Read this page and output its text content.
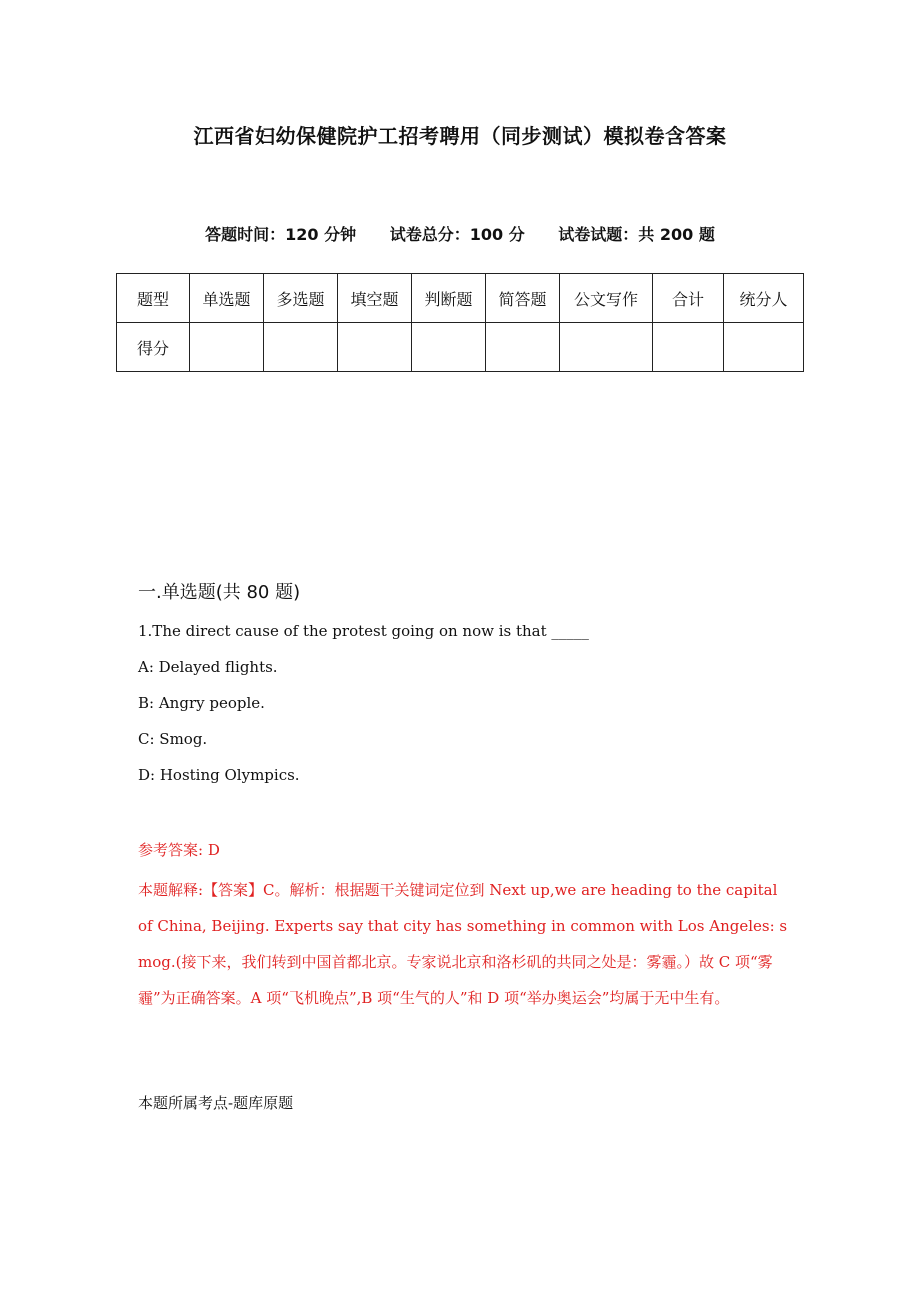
江西省妇幼保健院护工招考聘用（同步测试）模拟卷含答案
答题时间：120 分钟 试卷总分：100 分 试卷试题：共 200 题
题型	单选题	多选题	填空题	判断题	简答题	公文写作	合计	统分人
得分								
一.单选题(共 80 题)
1.The direct cause of the protest going on now is that _____
A: Delayed flights.
B: Angry people.
C: Smog.
D: Hosting Olympics.
参考答案: D
本题解释:【答案】C。解析：根据题干关键词定位到 Next up,we are heading to the capital of China, Beijing. Experts say that city has something in common with Los Angeles: smog.(接下来，我们转到中国首都北京。专家说北京和洛杉矶的共同之处是：雾霾。）故 C 项“雾霾”为正确答案。A 项“飞机晚点”,B 项“生气的人”和 D 项“举办奥运会”均属于无中生有。
本题所属考点-题库原题
